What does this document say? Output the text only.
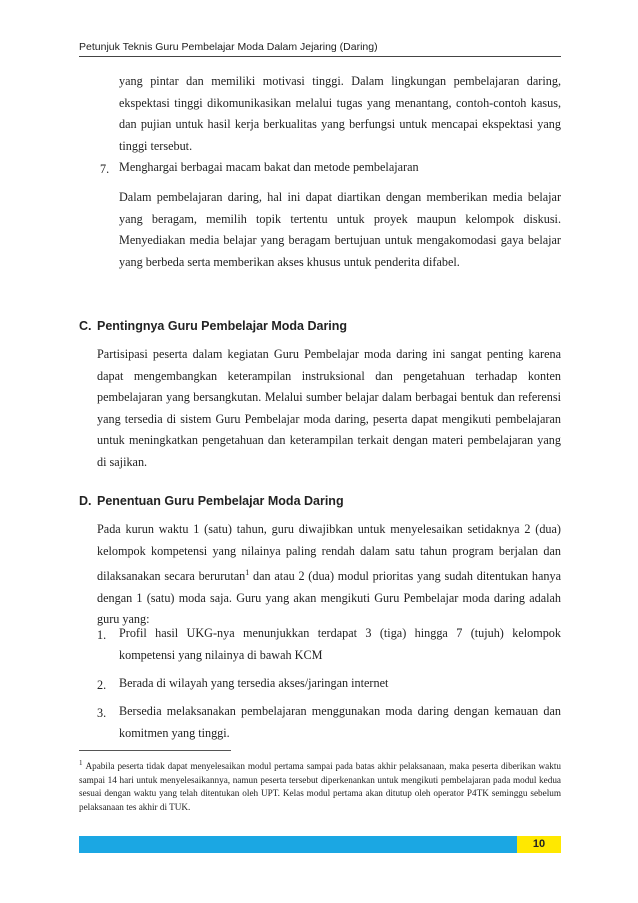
Petunjuk Teknis Guru Pembelajar Moda Dalam Jejaring (Daring)
yang pintar dan memiliki motivasi tinggi. Dalam lingkungan pembelajaran daring, ekspektasi tinggi dikomunikasikan melalui tugas yang menantang, contoh-contoh kasus, dan pujian untuk hasil kerja berkualitas yang berfungsi untuk mencapai ekspektasi yang tinggi tersebut.
7. Menghargai berbagai macam bakat dan metode pembelajaran
Dalam pembelajaran daring, hal ini dapat diartikan dengan memberikan media belajar yang beragam, memilih topik tertentu untuk proyek maupun kelompok diskusi. Menyediakan media belajar yang beragam bertujuan untuk mengakomodasi gaya belajar yang berbeda serta memberikan akses khusus untuk penderita difabel.
C. Pentingnya Guru Pembelajar Moda Daring
Partisipasi peserta dalam kegiatan Guru Pembelajar moda daring ini sangat penting karena dapat mengembangkan keterampilan instruksional dan pengetahuan terhadap konten pembelajaran yang bersangkutan. Melalui sumber belajar dalam berbagai bentuk dan referensi yang tersedia di sistem Guru Pembelajar moda daring, peserta dapat mengikuti pembelajaran untuk meningkatkan pengetahuan dan keterampilan terkait dengan materi pembelajaran yang di sajikan.
D. Penentuan Guru Pembelajar Moda Daring
Pada kurun waktu 1 (satu) tahun, guru diwajibkan untuk menyelesaikan setidaknya 2 (dua) kelompok kompetensi yang nilainya paling rendah dalam satu tahun program berjalan dan dilaksanakan secara berurutan$^1$ dan atau 2 (dua) modul prioritas yang sudah ditentukan hanya dengan 1 (satu) moda saja. Guru yang akan mengikuti Guru Pembelajar moda daring adalah guru yang:
1. Profil hasil UKG-nya menunjukkan terdapat 3 (tiga) hingga 7 (tujuh) kelompok kompetensi yang nilainya di bawah KCM
2. Berada di wilayah yang tersedia akses/jaringan internet
3. Bersedia melaksanakan pembelajaran menggunakan moda daring dengan kemauan dan komitmen yang tinggi.
$^1$ Apabila peserta tidak dapat menyelesaikan modul pertama sampai pada batas akhir pelaksanaan, maka peserta diberikan waktu sampai 14 hari untuk menyelesaikannya, namun peserta tersebut diperkenankan untuk mengikuti pembelajaran pada modul kedua sesuai dengan waktu yang telah ditentukan oleh UPT. Kelas modul pertama akan ditutup oleh operator P4TK seminggu sebelum pelaksanaan tes akhir di TUK.
10
